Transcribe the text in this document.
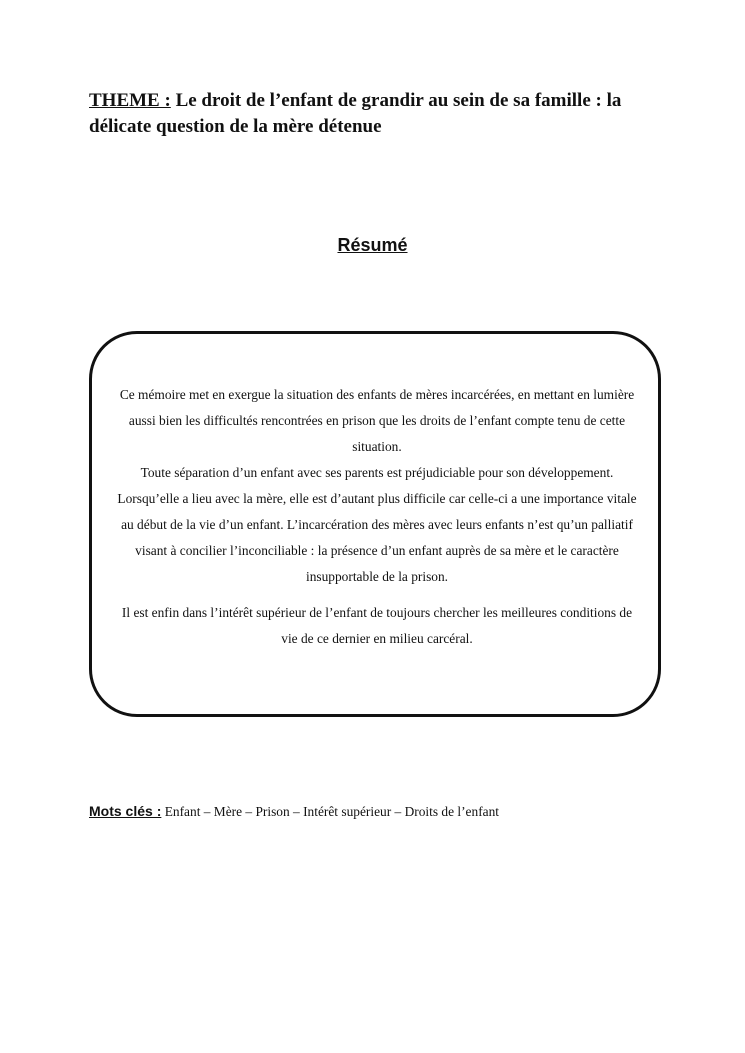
THEME : Le droit de l’enfant de grandir au sein de sa famille : la délicate question de la mère détenue
Résumé

Ce mémoire met en exergue la situation des enfants de mères incarcérées, en mettant en lumière aussi bien les difficultés rencontrées en prison que les droits de l’enfant compte tenu de cette situation.

Toute séparation d’un enfant avec ses parents est préjudiciable pour son développement.

Lorsqu’elle a lieu avec la mère, elle est d’autant plus difficile car celle-ci a une importance vitale au début de la vie d’un enfant. L’incarcération des mères avec leurs enfants n’est qu’un palliatif visant à concilier l’inconciliable : la présence d’un enfant auprès de sa mère et le caractère insupportable de la prison.

Il est enfin dans l’intérêt supérieur de l’enfant de toujours chercher les meilleures conditions de vie de ce dernier en milieu carcéral.

Mots clés : Enfant – Mère – Prison – Intérêt supérieur – Droits de l’enfant
